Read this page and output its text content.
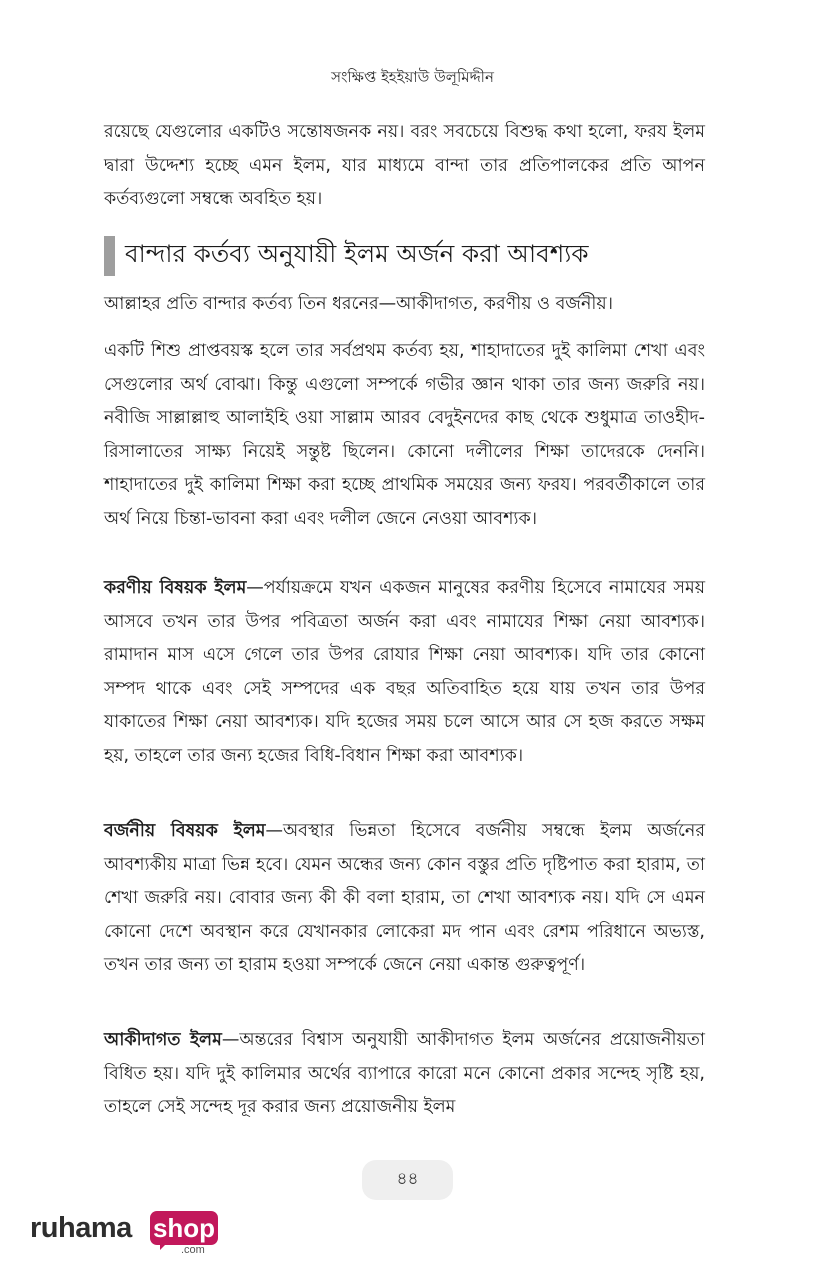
সংক্ষিপ্ত ইহইয়াউ উলূমিদ্দীন

রয়েছে যেগুলোর একটিও সন্তোষজনক নয়। বরং সবচেয়ে বিশুদ্ধ কথা হলো, ফরয ইলম দ্বারা উদ্দেশ্য হচ্ছে এমন ইলম, যার মাধ্যমে বান্দা তার প্রতিপালকের প্রতি আপন কর্তব্যগুলো সম্বন্ধে অবহিত হয়।

বান্দার কর্তব্য অনুযায়ী ইলম অর্জন করা আবশ্যক

আল্লাহর প্রতি বান্দার কর্তব্য তিন ধরনের—আকীদাগত, করণীয় ও বর্জনীয়।

একটি শিশু প্রাপ্তবয়স্ক হলে তার সর্বপ্রথম কর্তব্য হয়, শাহাদাতের দুই কালিমা শেখা এবং সেগুলোর অর্থ বোঝা। কিন্তু এগুলো সম্পর্কে গভীর জ্ঞান থাকা তার জন্য জরুরি নয়। নবীজি সাল্লাল্লাহু আলাইহি ওয়া সাল্লাম আরব বেদুইনদের কাছ থেকে শুধুমাত্র তাওহীদ-রিসালাতের সাক্ষ্য নিয়েই সন্তুষ্ট ছিলেন। কোনো দলীলের শিক্ষা তাদেরকে দেননি। শাহাদাতের দুই কালিমা শিক্ষা করা হচ্ছে প্রাথমিক সময়ের জন্য ফরয। পরবর্তীকালে তার অর্থ নিয়ে চিন্তা-ভাবনা করা এবং দলীল জেনে নেওয়া আবশ্যক।

করণীয় বিষয়ক ইলম—পর্যায়ক্রমে যখন একজন মানুষের করণীয় হিসেবে নামাযের সময় আসবে তখন তার উপর পবিত্রতা অর্জন করা এবং নামাযের শিক্ষা নেয়া আবশ্যক। রামাদান মাস এসে গেলে তার উপর রোযার শিক্ষা নেয়া আবশ্যক। যদি তার কোনো সম্পদ থাকে এবং সেই সম্পদের এক বছর অতিবাহিত হয়ে যায় তখন তার উপর যাকাতের শিক্ষা নেয়া আবশ্যক। যদি হজের সময় চলে আসে আর সে হজ করতে সক্ষম হয়, তাহলে তার জন্য হজের বিধি-বিধান শিক্ষা করা আবশ্যক।

বর্জনীয় বিষয়ক ইলম—অবস্থার ভিন্নতা হিসেবে বর্জনীয় সম্বন্ধে ইলম অর্জনের আবশ্যকীয় মাত্রা ভিন্ন হবে। যেমন অন্ধের জন্য কোন বস্তুর প্রতি দৃষ্টিপাত করা হারাম, তা শেখা জরুরি নয়। বোবার জন্য কী কী বলা হারাম, তা শেখা আবশ্যক নয়। যদি সে এমন কোনো দেশে অবস্থান করে যেখানকার লোকেরা মদ পান এবং রেশম পরিধানে অভ্যস্ত, তখন তার জন্য তা হারাম হওয়া সম্পর্কে জেনে নেয়া একান্ত গুরুত্বপূর্ণ।

আকীদাগত ইলম—অন্তরের বিশ্বাস অনুযায়ী আকীদাগত ইলম অর্জনের প্রয়োজনীয়তা বিধিত হয়। যদি দুই কালিমার অর্থের ব্যাপারে কারো মনে কোনো প্রকার সন্দেহ সৃষ্টি হয়, তাহলে সেই সন্দেহ দূর করার জন্য প্রয়োজনীয় ইলম

৪৪
ruhama shop
.com
